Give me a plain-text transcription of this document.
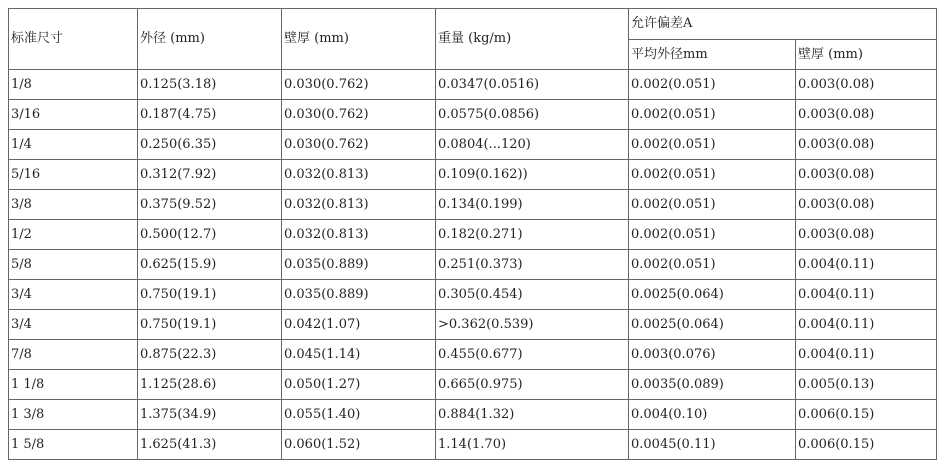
标准尺寸	外径 (mm)	壁厚 (mm)	重量 (kg/m)	允许偏差A	
				平均外径mm	壁厚 (mm)
1/8	0.125(3.18)	0.030(0.762)	0.0347(0.0516)	0.002(0.051)	0.003(0.08)
3/16	0.187(4.75)	0.030(0.762)	0.0575(0.0856)	0.002(0.051)	0.003(0.08)
1/4	0.250(6.35)	0.030(0.762)	0.0804(...120)	0.002(0.051)	0.003(0.08)
5/16	0.312(7.92)	0.032(0.813)	0.109(0.162))	0.002(0.051)	0.003(0.08)
3/8	0.375(9.52)	0.032(0.813)	0.134(0.199)	0.002(0.051)	0.003(0.08)
1/2	0.500(12.7)	0.032(0.813)	0.182(0.271)	0.002(0.051)	0.003(0.08)
5/8	0.625(15.9)	0.035(0.889)	0.251(0.373)	0.002(0.051)	0.004(0.11)
3/4	0.750(19.1)	0.035(0.889)	0.305(0.454)	0.0025(0.064)	0.004(0.11)
3/4	0.750(19.1)	0.042(1.07)	>0.362(0.539)	0.0025(0.064)	0.004(0.11)
7/8	0.875(22.3)	0.045(1.14)	0.455(0.677)	0.003(0.076)	0.004(0.11)
1 1/8	1.125(28.6)	0.050(1.27)	0.665(0.975)	0.0035(0.089)	0.005(0.13)
1 3/8	1.375(34.9)	0.055(1.40)	0.884(1.32)	0.004(0.10)	0.006(0.15)
1 5/8	1.625(41.3)	0.060(1.52)	1.14(1.70)	0.0045(0.11)	0.006(0.15)
